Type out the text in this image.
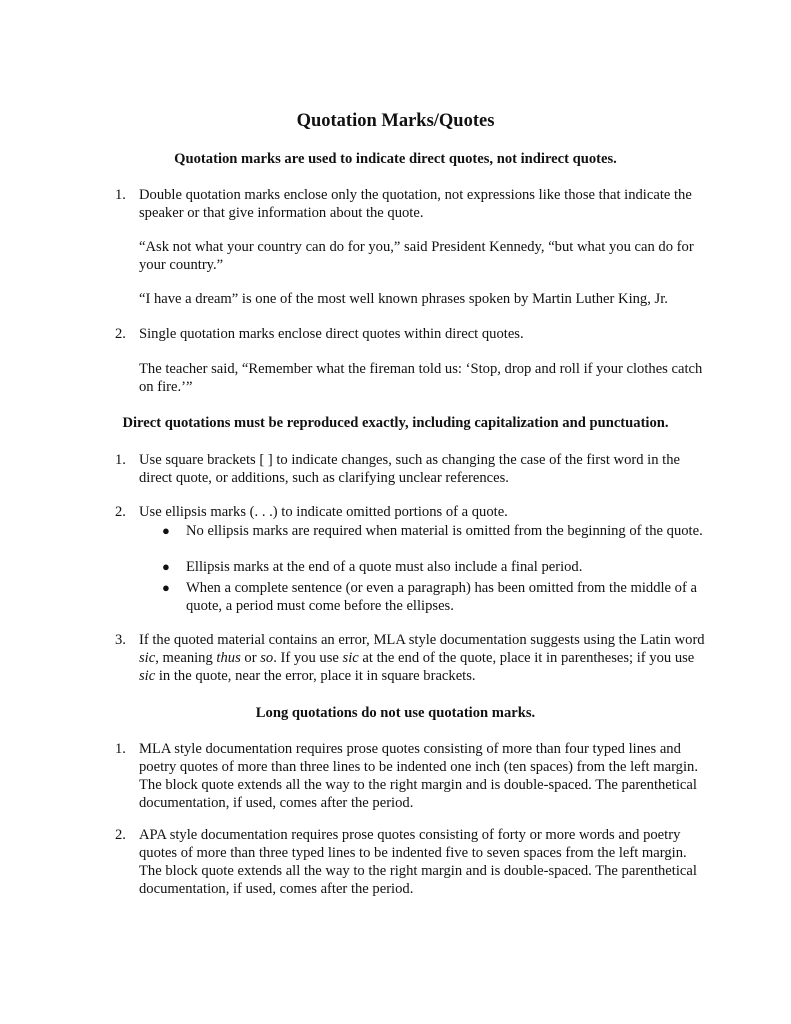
Quotation Marks/Quotes
Quotation marks are used to indicate direct quotes, not indirect quotes.
1. Double quotation marks enclose only the quotation, not expressions like those that indicate the speaker or that give information about the quote.
“Ask not what your country can do for you,” said President Kennedy, “but what you can do for your country.”
“I have a dream” is one of the most well known phrases spoken by Martin Luther King, Jr.
2. Single quotation marks enclose direct quotes within direct quotes.
The teacher said, “Remember what the fireman told us: ‘Stop, drop and roll if your clothes catch on fire.’”
Direct quotations must be reproduced exactly, including capitalization and punctuation.
1. Use square brackets [ ] to indicate changes, such as changing the case of the first word in the direct quote, or additions, such as clarifying unclear references.
2. Use ellipsis marks (. . .) to indicate omitted portions of a quote.
● No ellipsis marks are required when material is omitted from the beginning of the quote.
● Ellipsis marks at the end of a quote must also include a final period.
● When a complete sentence (or even a paragraph) has been omitted from the middle of a quote, a period must come before the ellipses.
3. If the quoted material contains an error, MLA style documentation suggests using the Latin word sic, meaning thus or so. If you use sic at the end of the quote, place it in parentheses; if you use sic in the quote, near the error, place it in square brackets.
Long quotations do not use quotation marks.
1. MLA style documentation requires prose quotes consisting of more than four typed lines and poetry quotes of more than three lines to be indented one inch (ten spaces) from the left margin. The block quote extends all the way to the right margin and is double-spaced. The parenthetical documentation, if used, comes after the period.
2. APA style documentation requires prose quotes consisting of forty or more words and poetry quotes of more than three typed lines to be indented five to seven spaces from the left margin. The block quote extends all the way to the right margin and is double-spaced. The parenthetical documentation, if used, comes after the period.
